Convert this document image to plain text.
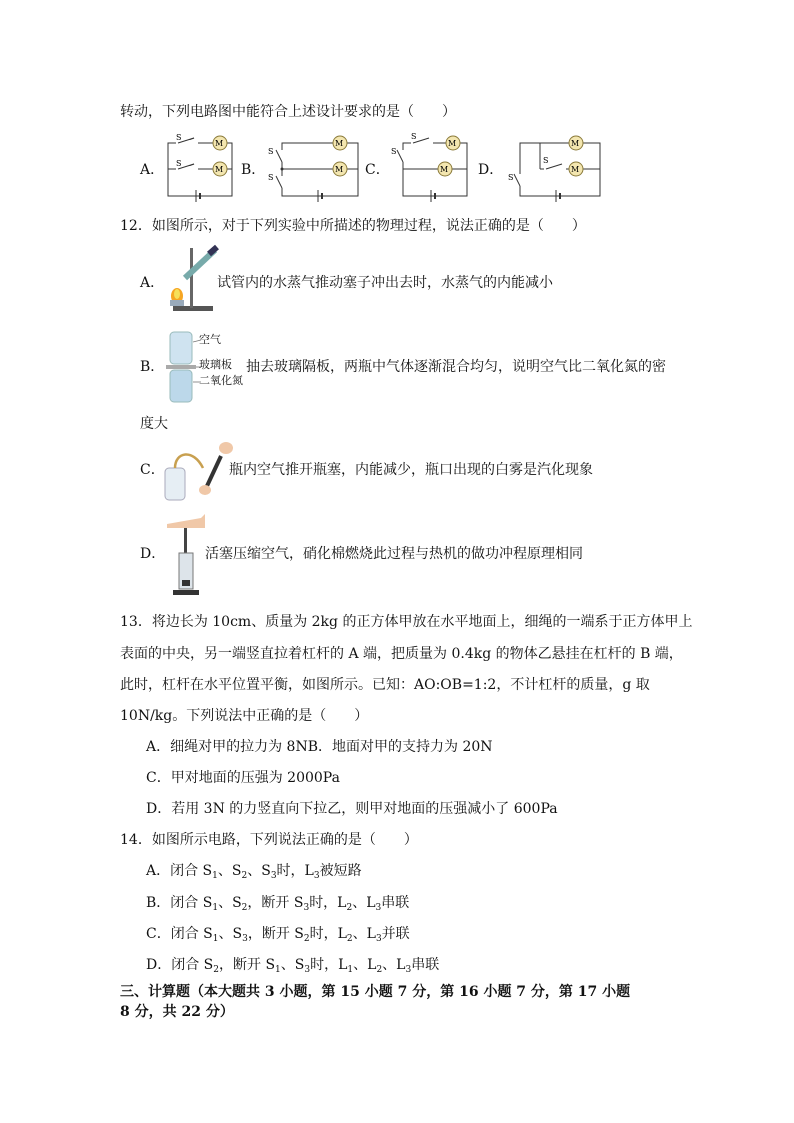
转动，下列电路图中能符合上述设计要求的是（　　）
A．	B．	C．	D．
M
M
S
S
M
M
S
S
M
M
S
S
M
M
S
S
12．如图所示，对于下列实验中所描述的物理过程，说法正确的是（　　）
A．	试管内的水蒸气推动塞子冲出去时，水蒸气的内能减小
B．
空气
玻璃板
二氧化氮
抽去玻璃隔板，两瓶中气体逐渐混合均匀，说明空气比二氧化氮的密
度大
C．	瓶内空气推开瓶塞，内能减少，瓶口出现的白雾是汽化现象
D．	活塞压缩空气，硝化棉燃烧此过程与热机的做功冲程原理相同
13．将边长为 10cm、质量为 2kg 的正方体甲放在水平地面上，细绳的一端系于正方体甲上
表面的中央，另一端竖直拉着杠杆的 A 端，把质量为 0.4kg 的物体乙悬挂在杠杆的 B 端，
此时，杠杆在水平位置平衡，如图所示。已知：AO:OB=1:2，不计杠杆的质量，g 取
10N/kg。下列说法中正确的是（　　）
A．细绳对甲的拉力为 8NB．地面对甲的支持力为 20N
C．甲对地面的压强为 2000Pa
D．若用 3N 的力竖直向下拉乙，则甲对地面的压强减小了 600Pa
14．如图所示电路，下列说法正确的是（　　）
A．闭合 $S_1$、$S_2$、$S_3$时，$L_3$被短路
B．闭合 $S_1$、$S_2$，断开 $S_3$时，$L_2$、$L_3$串联
C．闭合 $S_1$、$S_3$，断开 $S_2$时，$L_2$、$L_3$并联
D．闭合 $S_2$，断开 $S_1$、$S_3$时，$L_1$、$L_2$、$L_3$串联
三、计算题（本大题共 3 小题，第 15 小题 7 分，第 16 小题 7 分，第 17 小题
8 分，共 22 分）
